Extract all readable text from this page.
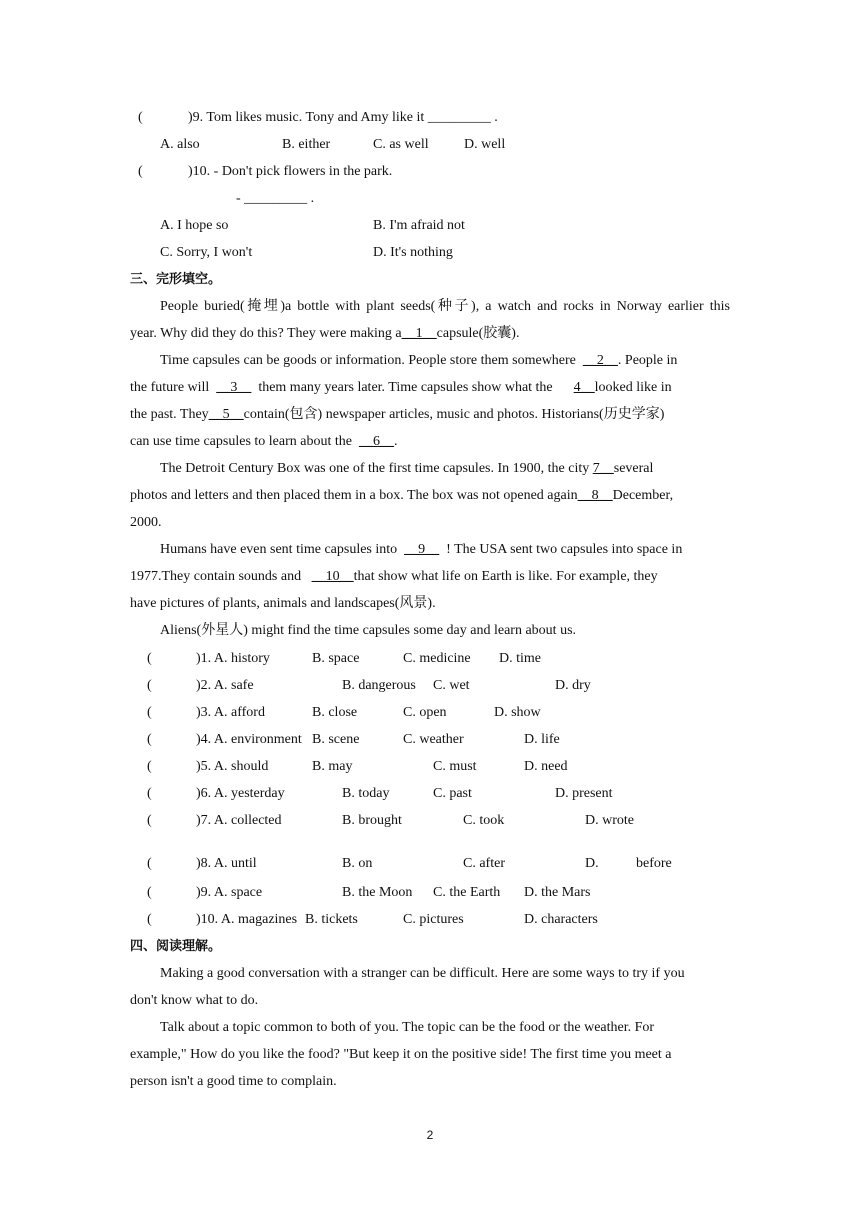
(	)9. Tom likes music. Tony and Amy like it _________ .
A. also	B. either	C. as well	D. well
(	)10. - Don't pick flowers in the park.
- _________ .
A. I hope so	B. I'm afraid not
C. Sorry, I won't	D. It's nothing
三、完形填空。
People buried(掩埋)a bottle with plant seeds(种子), a watch and rocks in Norway earlier this
year. Why did they do this? They were making a__1__capsule(胶囊).
Time capsules can be goods or information. People store them somewhere __2__. People in
the future will __3__ them many years later. Time capsules show what the 4__looked like in
the past. They__5__contain(包含) newspaper articles, music and photos. Historians(历史学家)
can use time capsules to learn about the __6__.
The Detroit Century Box was one of the first time capsules. In 1900, the city 7__several
photos and letters and then placed them in a box. The box was not opened again__8__December,
2000.
Humans have even sent time capsules into __9__ ! The USA sent two capsules into space in
1977.They contain sounds and __10__that show what life on Earth is like. For example, they
have pictures of plants, animals and landscapes(风景).
Aliens(外星人) might find the time capsules some day and learn about us.
(	)1. A. history	B. space	C. medicine D. time
(	)2. A. safe	B. dangerous C. wet	D. dry
(	)3. A. afford	B. close	C. open	D. show
(	)4. A. environment B. scene	C. weather	D. life
(	)5. A. should	B. may	C. must	D. need
(	)6. A. yesterday	B. today	C. past	D. present
(	)7. A. collected	B. brought	C. took	D. wrote
(	)8. A. until	B. on	C. after	D.	before
(	)9. A. space	B. the Moon C. the Earth D. the Mars
(	)10. A. magazines B. tickets	C. pictures	D. characters
四、阅读理解。
Making a good conversation with a stranger can be difficult. Here are some ways to try if you
don't know what to do.
Talk about a topic common to both of you. The topic can be the food or the weather. For
example," How do you like the food? "But keep it on the positive side! The first time you meet a
person isn't a good time to complain.
2
